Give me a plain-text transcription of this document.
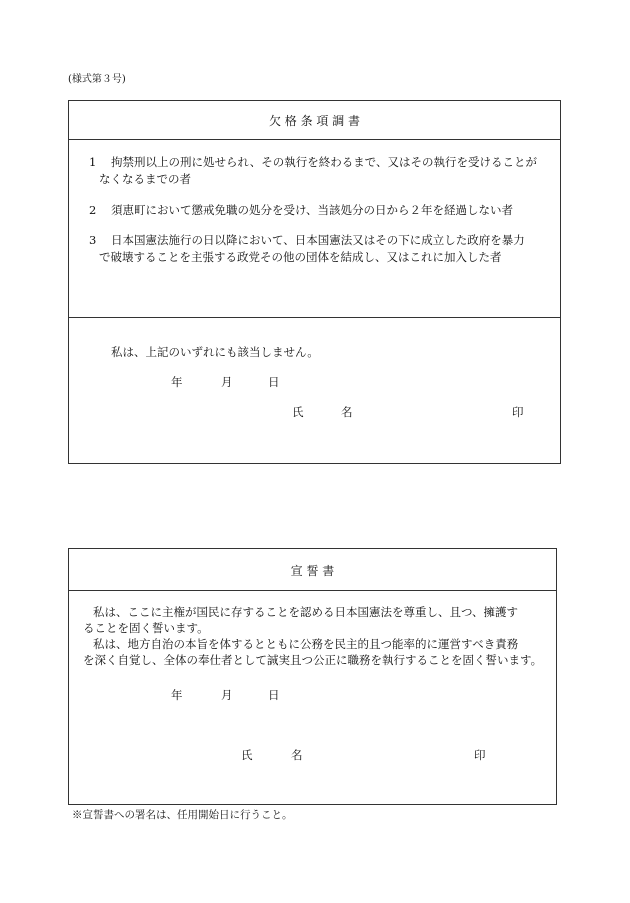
(様式第３号)
欠 格 条 項 調 書
1 拘禁刑以上の刑に処せられ、その執行を終わるまで、又はその執行を受けることが
なくなるまでの者
2 須恵町において懲戒免職の処分を受け、当該処分の日から２年を経過しない者
3 日本国憲法施行の日以降において、日本国憲法又はその下に成立した政府を暴力
で破壊することを主張する政党その他の団体を結成し、又はこれに加入した者
私は、上記のいずれにも該当しません。
年	月	日
氏	名	印
宣 誓 書
私は、ここに主権が国民に存することを認める日本国憲法を尊重し、且つ、擁護す
ることを固く誓います。
私は、地方自治の本旨を体するとともに公務を民主的且つ能率的に運営すべき責務
を深く自覚し、全体の奉仕者として誠実且つ公正に職務を執行することを固く誓います。
年	月	日
氏	名	印
※宣誓書への署名は、任用開始日に行うこと。
